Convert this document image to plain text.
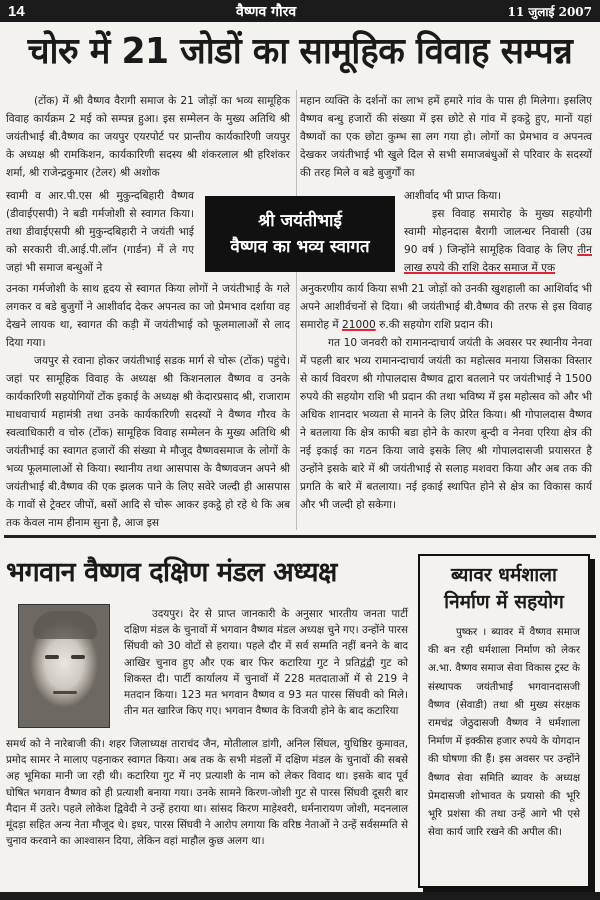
14	वैष्णव गौरव	11 जुलाई 2007
चोरु में 21 जोडों का सामूहिक विवाह सम्पन्न

(टोंक) में श्री वैष्णव वैरागी समाज के 21 जोड़ों का भव्य सामूहिक विवाह कार्यक्रम 2 मई को सम्पन्न हुआ। इस सम्मेलन के मुख्य अतिथि श्री जयंतीभाई बी.वैष्णव का जयपुर एयरपोर्ट पर प्रान्तीय कार्यकारिणी जयपुर के अध्यक्ष श्री रामकिशन, कार्यकारिणी सदस्य श्री शंकरलाल श्री हरिशंकर शर्मा, श्री राजेन्द्रकुमार (टेलर) श्री अशोक

स्वामी व आर.पी.एस श्री मुकुन्दबिहारी वैष्णव (डीवाईएसपी) ने बडी गर्मजोशी से स्वागत किया। तथा डीवाईएसपी श्री मुकुन्दबिहारी ने जयंती भाई को सरकारी वी.आई.पी.लॉन (गार्डन) में ले गए जहां भी समाज बन्धुओं ने

उनका गर्मजोशी के साथ हृदय से स्वागत किया लोगों ने जयंतीभाई के गले लगकर व बडे बुजुर्गो ने आशीर्वाद देकर अपनत्व का जो प्रेमभाव दर्शाया वह देखने लायक था, स्वागत की कड़ी में जयंतीभाई को फूलमालाओं से लाद दिया गया।

जयपुर से रवाना होकर जयंतीभाई सडक मार्ग से चोरू (टोंक) पहुंचे। जहां पर सामूहिक विवाह के अध्यक्ष श्री किशनलाल वैष्णव व उनके कार्यकारिणी सहयोगियों टोंक इकाई के अध्यक्ष श्री केदारप्रसाद श्री, राजाराम माधवाचार्य महामंत्री तथा उनके कार्यकारिणी सदस्यों ने वैष्णव गौरव के स्वत्वाधिकारी व चोरु (टोंक) सामूहिक विवाह सम्मेलन के मुख्य अतिथि श्री जयंतीभाई का स्वागत हजारों की संख्या मे मौजूद वैष्णवसमाज के लोगों के भव्य फूलमालाओं से किया। स्थानीय तथा आसपास के वैष्णवजन अपने श्री जयंतीभाई बी.वैष्णव की एक झलक पाने के लिए सवेरे जल्दी ही आसपास के गावों से ट्रेक्टर जीपों, बसों आदि से चोरू आकर इकट्ठे हो रहे थे कि अब तक केवल नाम हीनाम सुना है, आज इस

श्री जयंतीभाई
वैष्णव का भव्य स्वागत

महान व्यक्ति के दर्शनों का लाभ हमें हमारे गांव के पास ही मिलेगा। इसलिए वैष्णव बन्धु हजारों की संख्या में इस छोटे से गांव में इकट्ठे हुए, मानों यहां वैष्णवों का एक छोटा कुम्भ सा लग गया हो। लोगों का प्रेमभाव व अपनत्व देखकर जयंतीभाई भी खुले दिल से सभी समाजबंधुओं से परिवार के सदस्यों की तरह मिले व बडे बुजुर्गों का

आशीर्वाद भी प्राप्त किया।

इस विवाह समारोह के मुख्य सहयोगी स्वामी मोहनदास बैरागी जालन्धर निवासी (उम्र 90 वर्ष ) जिन्होंने सामूहिक विवाह के लिए तीन लाख रुपये की राशि देकर समाज में एक

अनुकरणीय कार्य किया सभी 21 जोड़ों को उनकी खुशहाली का आशिर्वाद भी अपने आशीर्वचनों से दिया। श्री जयंतीभाई बी.वैष्णव की तरफ से इस विवाह समारोह में 21000 रु.की सहयोग राशि प्रदान की।

गत 10 जनवरी को रामानन्दाचार्य जयंती के अवसर पर स्थानीय नेनवा में पहली बार भव्य रामानन्दाचार्य जयंती का महोत्सव मनाया जिसका विस्तार से कार्य विवरण श्री गोपालदास वैष्णव द्वारा बतलाने पर जयंतीभाई ने 1500 रुपये की सहयोग राशि भी प्रदान की तथा भविष्य में इस महोत्सव को और भी अधिक शानदार भव्यता से मानने के लिए प्रेरित किया। श्री गोपालदास वैष्णव ने बतलाया कि क्षेत्र काफी बडा होने के कारण बून्दी व नेनवा एरिया क्षेत्र की नई इकाई का गठन किया जावे इसके लिए श्री गोपालदासजी प्रयासरत है उन्होंने इसके बारे में श्री जयंतीभाई से सलाह मशवरा किया और अब तक की प्रगति के बारे में बतलाया। नई इकाई स्थापित होने से क्षेत्र का विकास कार्य और भी जल्दी हो सकेगा।

भगवान वैष्णव दक्षिण मंडल अध्यक्ष

उदयपुर। देर से प्राप्त जानकारी के अनुसार भारतीय जनता पार्टी दक्षिण मंडल के चुनावों में भगवान वैष्णव मंडल अध्यक्ष चुने गए। उन्होंने पारस सिंघवी को 30 वोटों से हराया। पहले दौर में सर्व सम्मति नहीं बनने के बाद आखिर चुनाव हुए और एक बार फिर कटारिया गुट ने प्रतिद्वंद्वी गुट को शिकस्त दी। पार्टी कार्यालय में चुनावों में 228 मतदाताओं में से 219 ने मतदान किया। 123 मत भगवान वैष्णव व 93 मत पारस सिंघवी को मिले। तीन मत खारिज किए गए। भगवान वैष्णव के विजयी होने के बाद कटारिया

समर्थ को ने नारेबाजी की। शहर जिलाध्यक्ष ताराचंद जैन, मोतीलाल डांगी, अनिल सिंघल, युधिष्ठिर कुमावत, प्रमोद सामर ने मालाए पहनाकर स्वागत किया। अब तक के सभी मंडलों में दक्षिण मंडल के चुनावों की सबसे अह भूमिका मानी जा रही थी। कटारिया गुट में नए प्रत्याशी के नाम को लेकर विवाद था। इसके बाद पूर्व घोषित भगवान वैष्णव को ही प्रत्याशी बनाया गया। उनके सामने किरण-जोशी गुट से पारस सिंघवी दूसरी बार मैदान में उतरे। पहले लोकेश द्विवेदी ने उन्हें हराया था। सांसद किरण माहेश्वरी, धर्मनारायण जोशी, मदनलाल मूंदड़ा सहित अन्य नेता मौजूद थे। इधर, पारस सिंघवी ने आरोप लगाया कि वरिष्ठ नेताओं ने उन्हें सर्वसम्मति से चुनाव करवाने का आश्वासन दिया, लेकिन वहां माहौल कुछ अलग था।

ब्यावर धर्मशाला
निर्माण में सहयोग

पुष्कर । ब्यावर में वैष्णव समाज की बन रही धर्मशाला निर्माण को लेकर अ.भा. वैष्णव समाज सेवा विकास ट्रस्ट के संस्थापक जयंतीभाई भगवानदासजी वैष्णव (सेवाडी) तथा श्री मुख्य संरक्षक रामचंद्र जेठुदासजी वैष्णव ने धर्मशाला निर्माण में इक्कीस हजार रुपये के योगदान की घोषणा की हैं। इस अवसर पर उन्होंने वैष्णव सेवा समिति ब्यावर के अध्यक्ष प्रेमदासजी शोभावत के प्रयासो की भूरि भूरि प्रशंसा की तथा उन्हें आगे भी एसे सेवा कार्य जारि रखने की अपील की।
